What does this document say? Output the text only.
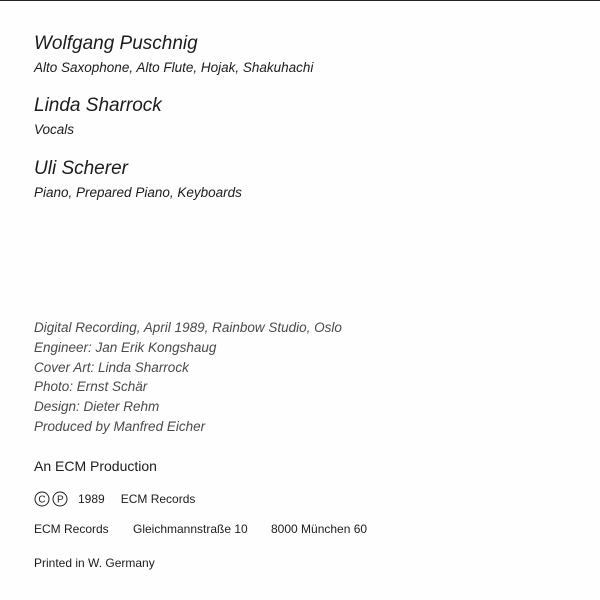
Wolfgang Puschnig
Alto Saxophone, Alto Flute, Hojak, Shakuhachi
Linda Sharrock
Vocals
Uli Scherer
Piano, Prepared Piano, Keyboards
Digital Recording, April 1989, Rainbow Studio, Oslo
Engineer: Jan Erik Kongshaug
Cover Art: Linda Sharrock
Photo: Ernst Schär
Design: Dieter Rehm
Produced by Manfred Eicher
An ECM Production
C P 1989 ECM Records
ECM Records Gleichmannstraße 10 8000 München 60
Printed in W. Germany
